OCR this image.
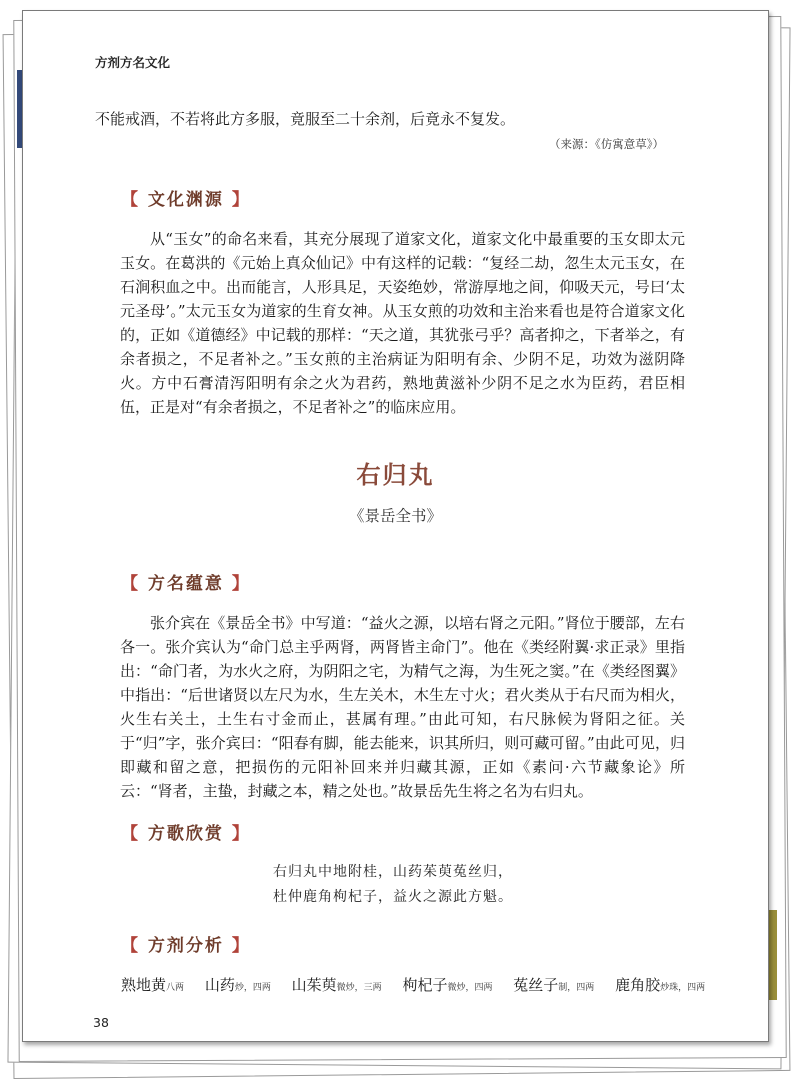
方剂方名文化

不能戒酒，不若将此方多服，竟服至二十余剂，后竟永不复发。

（来源：《仿寓意草》）
【 文化渊源 】

从“玉女”的命名来看，其充分展现了道家文化，道家文化中最重要的玉女即太元玉女。在葛洪的《元始上真众仙记》中有这样的记载：“复经二劫，忽生太元玉女，在石涧积血之中。出而能言，人形具足，天姿绝妙，常游厚地之间，仰吸天元，号曰‘太元圣母’。”太元玉女为道家的生育女神。从玉女煎的功效和主治来看也是符合道家文化的，正如《道德经》中记载的那样：“天之道，其犹张弓乎？高者抑之，下者举之，有余者损之，不足者补之。”玉女煎的主治病证为阳明有余、少阴不足，功效为滋阴降火。方中石膏清泻阳明有余之火为君药，熟地黄滋补少阴不足之水为臣药，君臣相伍，正是对“有余者损之，不足者补之”的临床应用。

右归丸
《景岳全书》
【 方名蕴意 】

张介宾在《景岳全书》中写道：“益火之源，以培右肾之元阳。”肾位于腰部，左右各一。张介宾认为“命门总主乎两肾，两肾皆主命门”。他在《类经附翼·求正录》里指出：“命门者，为水火之府，为阴阳之宅，为精气之海，为生死之窦。”在《类经图翼》中指出：“后世诸贤以左尺为水，生左关木，木生左寸火；君火类从于右尺而为相火，火生右关土，土生右寸金而止，甚属有理。”由此可知，右尺脉候为肾阳之征。关于“归”字，张介宾曰：“阳春有脚，能去能来，识其所归，则可藏可留。”由此可见，归即藏和留之意，把损伤的元阳补回来并归藏其源，正如《素问·六节藏象论》所云：“肾者，主蛰，封藏之本，精之处也。”故景岳先生将之名为右归丸。

【 方歌欣赏 】
右归丸中地附桂，山药茱萸菟丝归，
杜仲鹿角枸杞子，益火之源此方魁。
【 方剂分析 】
熟地黄八两 山药炒，四两 山茱萸微炒，三两 枸杞子微炒，四两 菟丝子制，四两 鹿角胶炒珠，四两
38
